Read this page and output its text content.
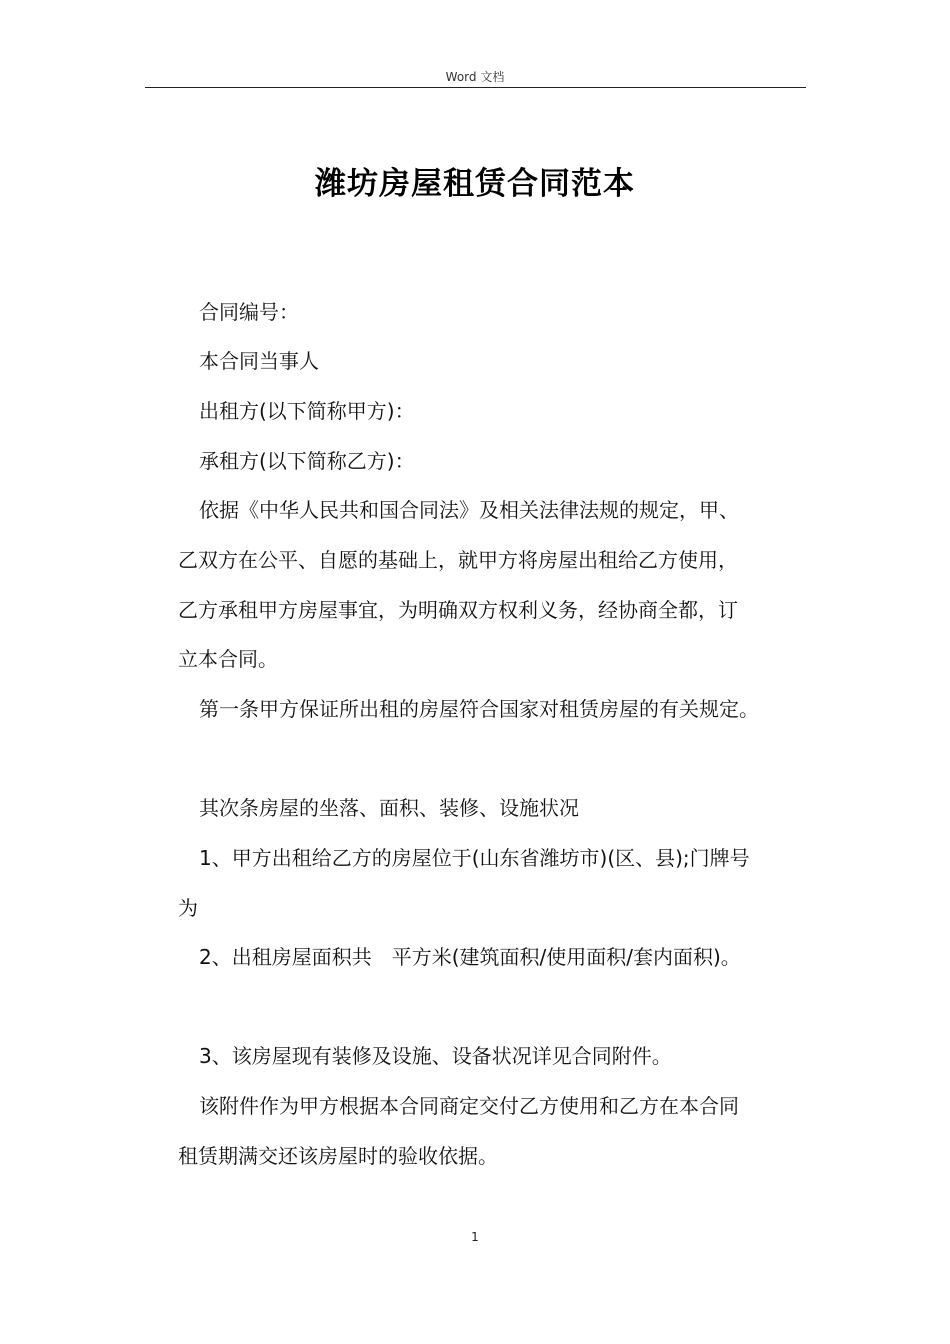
Word 文档
潍坊房屋租赁合同范本
合同编号：
本合同当事人
出租方(以下简称甲方)：
承租方(以下简称乙方)：
依据《中华人民共和国合同法》及相关法律法规的规定，甲、
乙双方在公平、自愿的基础上，就甲方将房屋出租给乙方使用，
乙方承租甲方房屋事宜，为明确双方权利义务，经协商全都，订
立本合同。
第一条甲方保证所出租的房屋符合国家对租赁房屋的有关规定。
其次条房屋的坐落、面积、装修、设施状况
1、甲方出租给乙方的房屋位于(山东省潍坊市)(区、县);门牌号
为
2、出租房屋面积共　平方米(建筑面积/使用面积/套内面积)。
3、该房屋现有装修及设施、设备状况详见合同附件。
该附件作为甲方根据本合同商定交付乙方使用和乙方在本合同
租赁期满交还该房屋时的验收依据。
1
